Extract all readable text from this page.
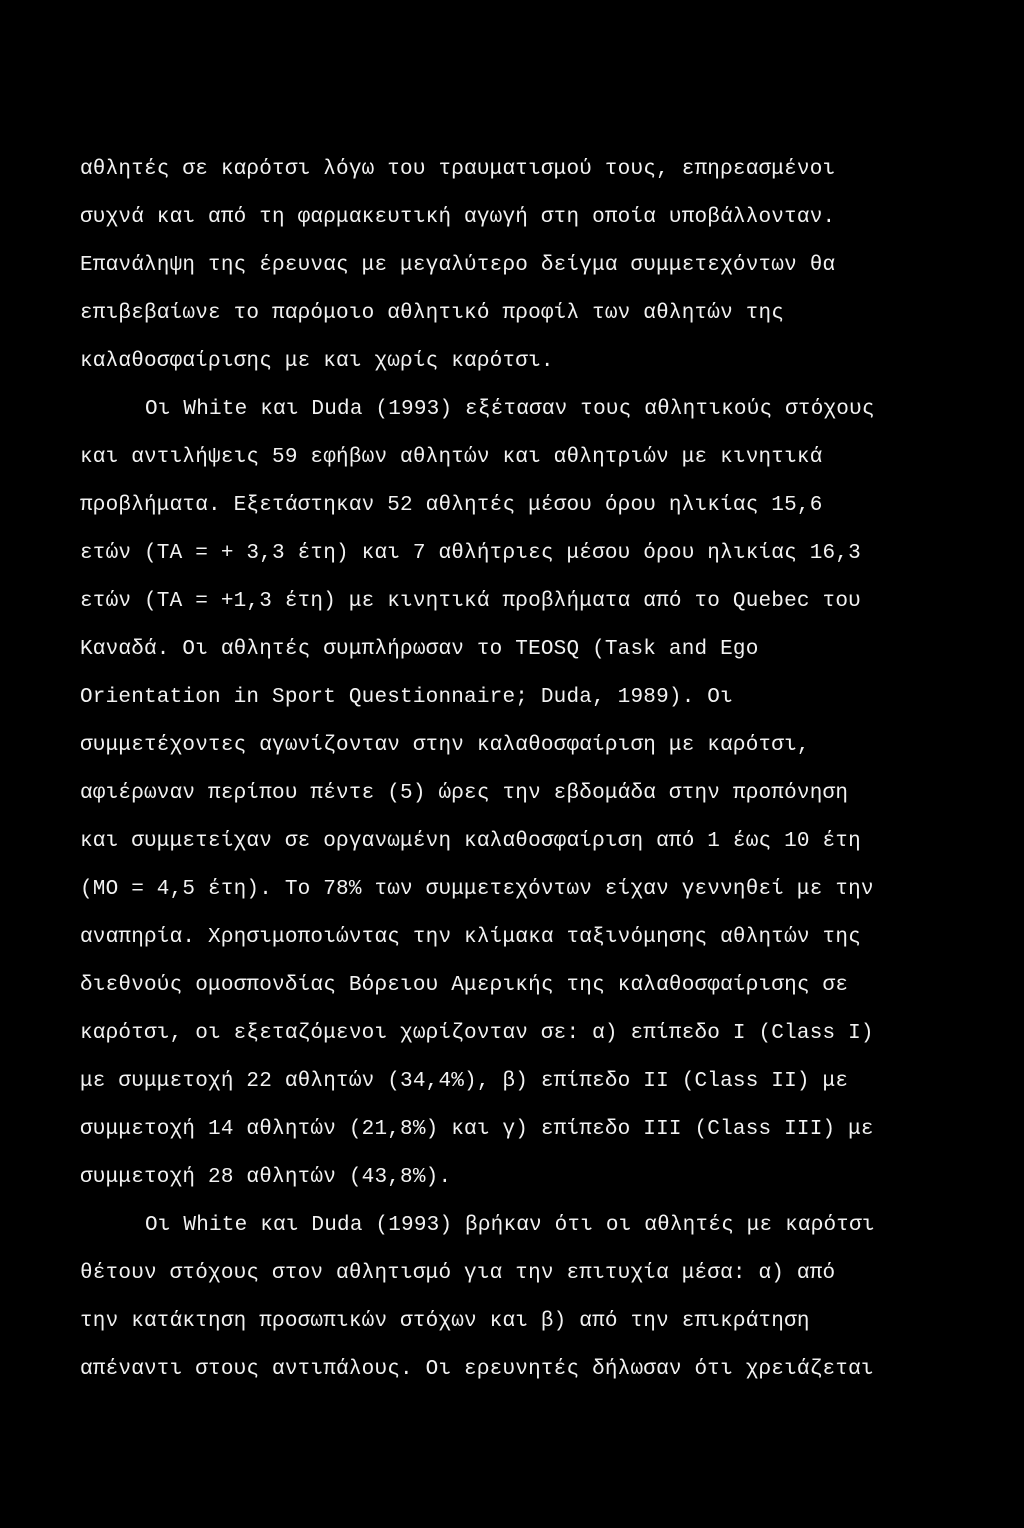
αθλητές σε καρότσι λόγω του τραυματισμού τους, επηρεασμένοι
συχνά και από τη φαρμακευτική αγωγή στη οποία υποβάλλονταν.
Επανάληψη της έρευνας με μεγαλύτερο δείγμα συμμετεχόντων θα
επιβεβαίωνε το παρόμοιο αθλητικό προφίλ των αθλητών της
καλαθοσφαίρισης με και χωρίς καρότσι.
Οι White και Duda (1993) εξέτασαν τους αθλητικούς στόχους
και αντιλήψεις 59 εφήβων αθλητών και αθλητριών με κινητικά
προβλήματα. Εξετάστηκαν 52 αθλητές μέσου όρου ηλικίας 15,6
ετών (ΤΑ = + 3,3 έτη) και 7 αθλήτριες μέσου όρου ηλικίας 16,3
ετών (ΤΑ = +1,3 έτη) με κινητικά προβλήματα από το Quebec του
Καναδά. Οι αθλητές συμπλήρωσαν το TEOSQ (Task and Ego
Orientation in Sport Questionnaire; Duda, 1989). Οι
συμμετέχοντες αγωνίζονταν στην καλαθοσφαίριση με καρότσι,
αφιέρωναν περίπου πέντε (5) ώρες την εβδομάδα στην προπόνηση
και συμμετείχαν σε οργανωμένη καλαθοσφαίριση από 1 έως 10 έτη
(ΜΟ = 4,5 έτη). Το 78% των συμμετεχόντων είχαν γεννηθεί με την
αναπηρία. Χρησιμοποιώντας την κλίμακα ταξινόμησης αθλητών της
διεθνούς ομοσπονδίας Βόρειου Αμερικής της καλαθοσφαίρισης σε
καρότσι, οι εξεταζόμενοι χωρίζονταν σε: α) επίπεδο I (Class I)
με συμμετοχή 22 αθλητών (34,4%), β) επίπεδο II (Class II) με
συμμετοχή 14 αθλητών (21,8%) και γ) επίπεδο III (Class III) με
συμμετοχή 28 αθλητών (43,8%).
Οι White και Duda (1993) βρήκαν ότι οι αθλητές με καρότσι
θέτουν στόχους στον αθλητισμό για την επιτυχία μέσα: α) από
την κατάκτηση προσωπικών στόχων και β) από την επικράτηση
απέναντι στους αντιπάλους. Οι ερευνητές δήλωσαν ότι χρειάζεται
